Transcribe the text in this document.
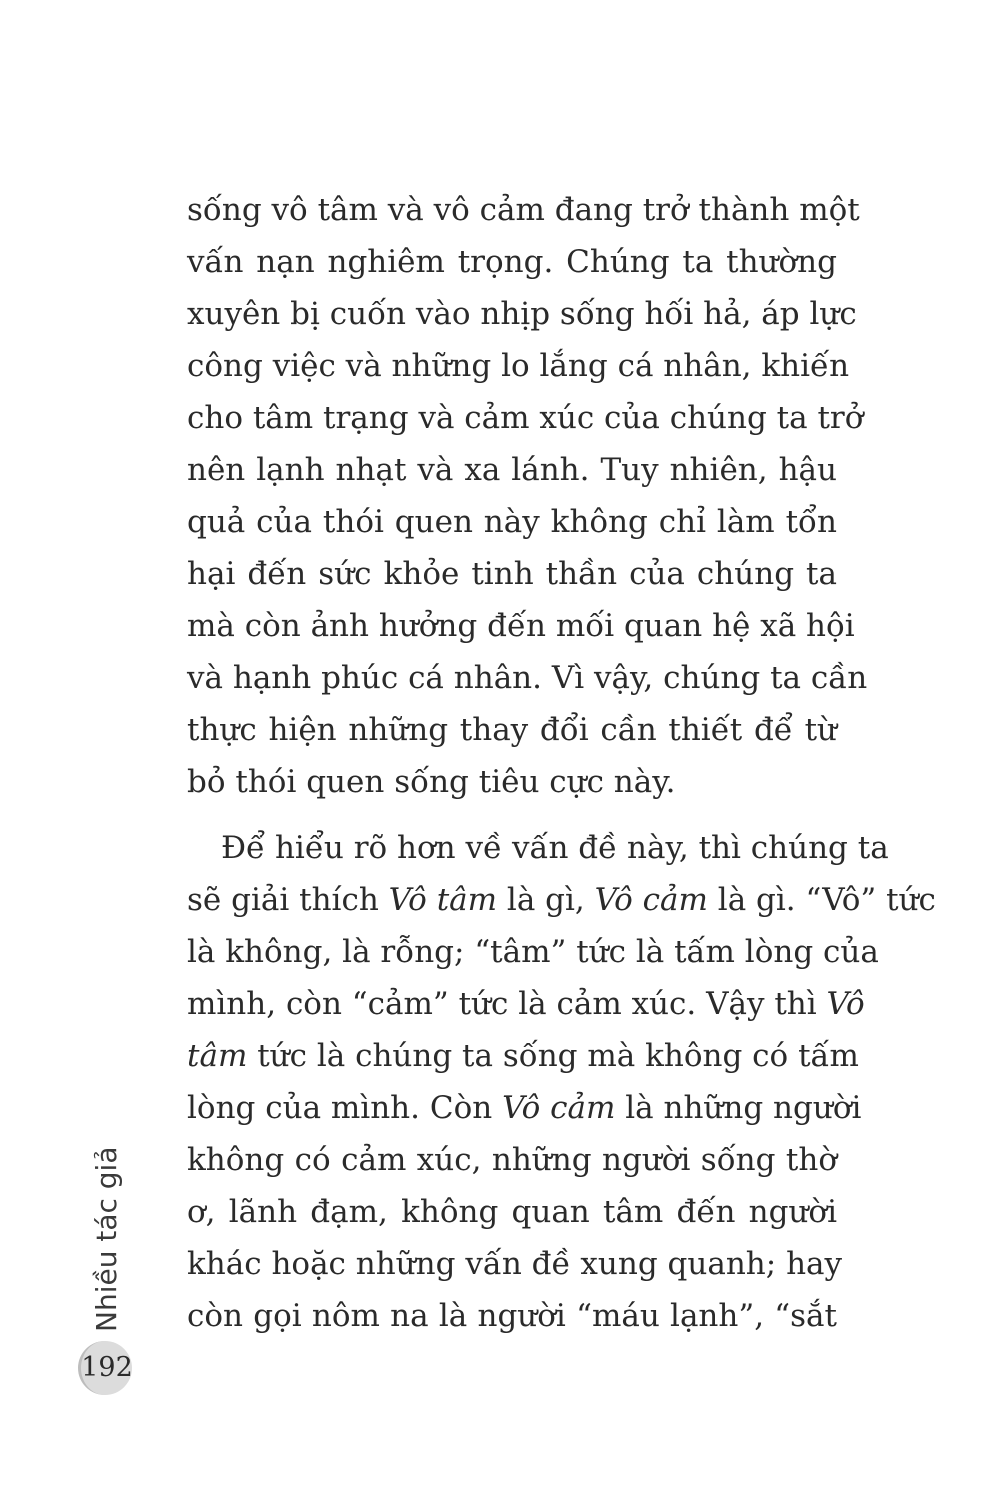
sống vô tâm và vô cảm đang trở thành một
vấn nạn nghiêm trọng. Chúng ta thường
xuyên bị cuốn vào nhịp sống hối hả, áp lực
công việc và những lo lắng cá nhân, khiến
cho tâm trạng và cảm xúc của chúng ta trở
nên lạnh nhạt và xa lánh. Tuy nhiên, hậu
quả của thói quen này không chỉ làm tổn
hại đến sức khỏe tinh thần của chúng ta
mà còn ảnh hưởng đến mối quan hệ xã hội
và hạnh phúc cá nhân. Vì vậy, chúng ta cần
thực hiện những thay đổi cần thiết để từ
bỏ thói quen sống tiêu cực này.
Để hiểu rõ hơn về vấn đề này, thì chúng ta
sẽ giải thích Vô tâm là gì, Vô cảm là gì. “Vô” tức
là không, là rỗng; “tâm” tức là tấm lòng của
mình, còn “cảm” tức là cảm xúc. Vậy thì Vô
tâm tức là chúng ta sống mà không có tấm
lòng của mình. Còn Vô cảm là những người
không có cảm xúc, những người sống thờ
ơ, lãnh đạm, không quan tâm đến người
khác hoặc những vấn đề xung quanh; hay
còn gọi nôm na là người “máu lạnh”, “sắt
Nhiều tác giả
192
